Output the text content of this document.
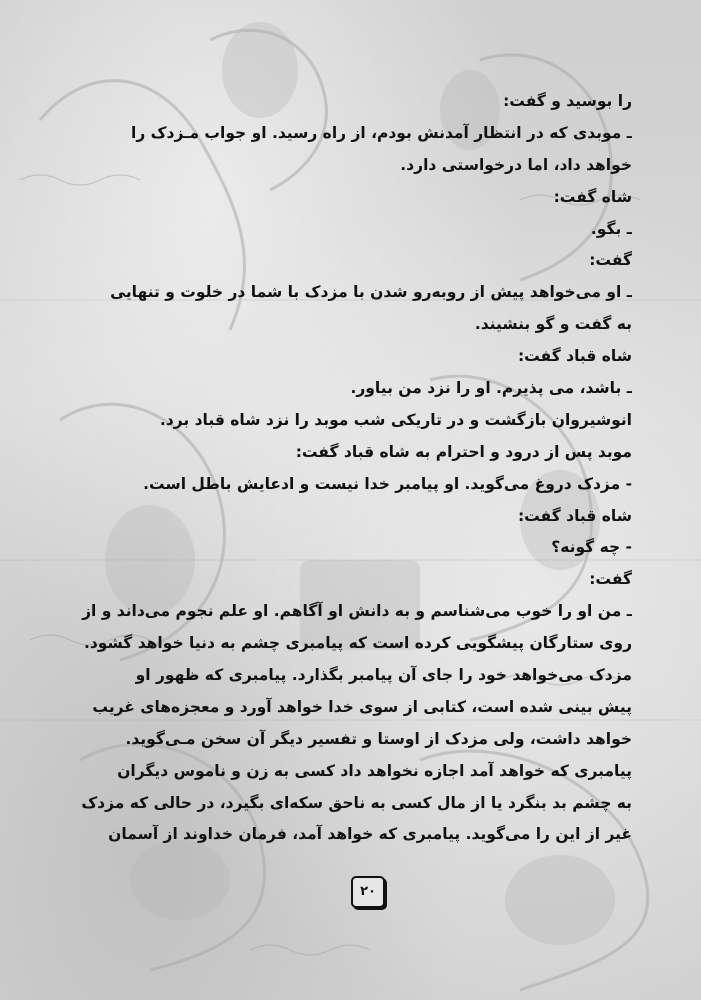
را بوسید و گفت:
ـ موبدی که در انتظار آمدنش بودم، از راه رسید. او جواب مـزدک را
خواهد داد، اما درخواستی دارد.
شاه گفت:
ـ بگو.
گفت:
ـ او می‌خواهد پیش از روبه‌رو شدن با مزدک با شما در خلوت و تنهایی
به گفت و گو بنشیند.
شاه قباد گفت:
ـ باشد، می پذیرم. او را نزد من بیاور.
انوشیروان بازگشت و در تاریکی شب موبد را نزد شاه قباد برد.
موبد پس از درود و احترام به شاه قباد گفت:
- مزدک دروغ می‌گوید. او پیامبر خدا نیست و ادعایش باطل است.
شاه قباد گفت:
- چه گونه؟
گفت:
ـ من او را خوب می‌شناسم و به دانش او آگاهم. او علم نجوم می‌داند و از
روی ستارگان پیشگویی کرده است که پیامبری چشم به دنیا خواهد گشود.
مزدک می‌خواهد خود را جای آن پیامبر بگذارد. پیامبری که ظهور او
پیش بینی شده است، کتابی از سوی خدا خواهد آورد و معجزه‌های غریب
خواهد داشت، ولی مزدک از اوستا و تفسیر دیگر آن سخن مـی‌گوید.
پیامبری که خواهد آمد اجازه نخواهد داد کسی به زن و ناموس دیگران
به چشم بد بنگرد یا از مال کسی به ناحق سکه‌ای بگیرد، در حالی که مزدک
غیر از این را می‌گوید. پیامبری که خواهد آمد، فرمان خداوند از آسمان
۲۰
